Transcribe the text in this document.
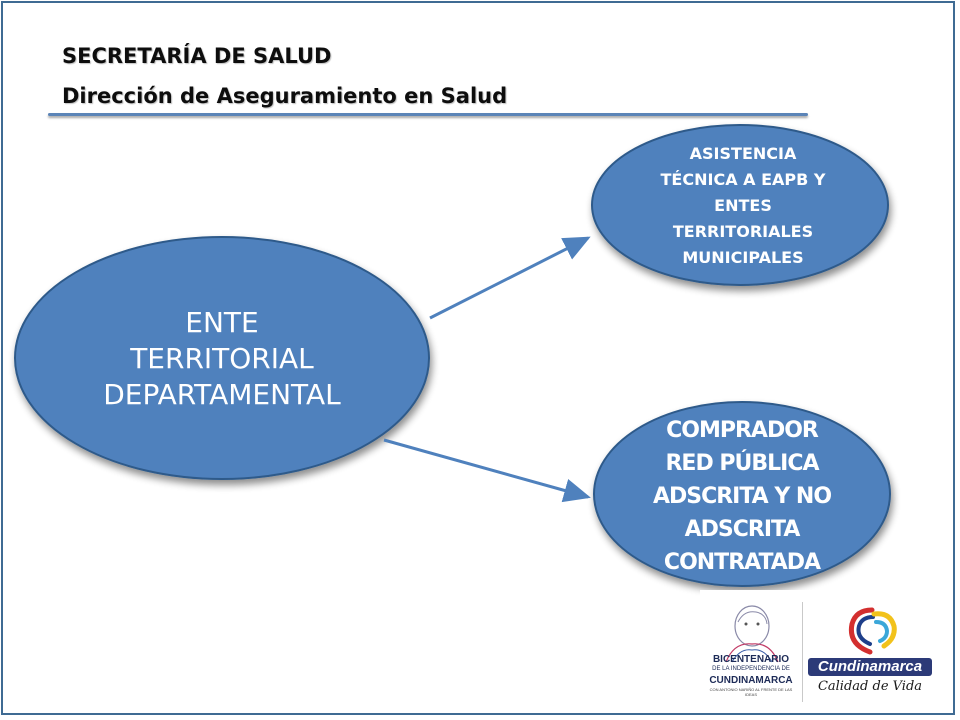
SECRETARÍA DE SALUD
Dirección de Aseguramiento en Salud
ENTE
TERRITORIAL
DEPARTAMENTAL
ASISTENCIA
TÉCNICA A EAPB Y
ENTES
TERRITORIALES
MUNICIPALES
COMPRADOR
RED PÚBLICA
ADSCRITA Y NO
ADSCRITA
CONTRATADA
BICENTENARIO
DE LA INDEPENDENCIA DE
CUNDINAMARCA
CON ANTONIO NARIÑO AL FRENTE DE LAS IDEAS
Cundinamarca
Calidad de Vida
